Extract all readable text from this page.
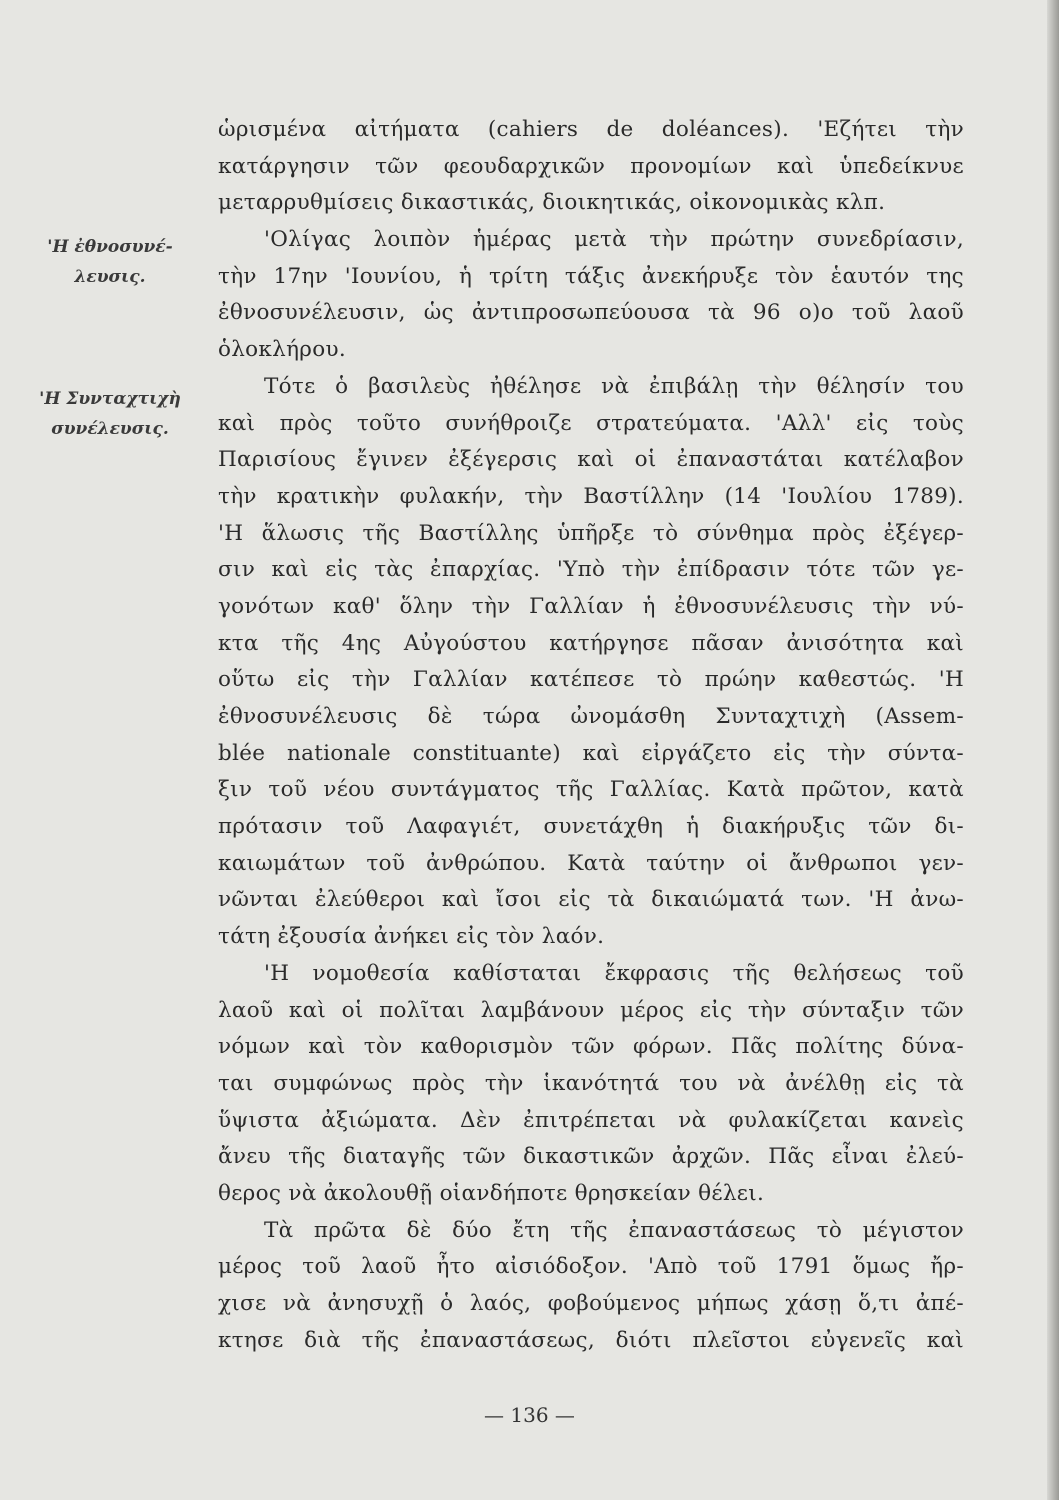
'Η ἐθνοσυνέ-
λευσις.
'Η Συνταχτιχὴ
συνέλευσις.
ὡρισμένα αἰτήματα (cahiers de doléances). 'Εζήτει τὴν
κατάργησιν τῶν φεουδαρχικῶν προνομίων καὶ ὑπεδείκνυε
μεταρρυθμίσεις δικαστικάς, διοικητικάς, οἰκονομικὰς κλπ.
'Ολίγας λοιπὸν ἡμέρας μετὰ τὴν πρώτην συνεδρίασιν,
τὴν 17ην 'Ιουνίου, ἡ τρίτη τάξις ἀνεκήρυξε τὸν ἑαυτόν της
ἐθνοσυνέλευσιν, ὡς ἀντιπροσωπεύουσα τὰ 96 ο)ο τοῦ λαοῦ
ὁλοκλήρου.
Τότε ὁ βασιλεὺς ἠθέλησε νὰ ἐπιβάλῃ τὴν θέλησίν του
καὶ πρὸς τοῦτο συνήθροιζε στρατεύματα. 'Αλλ' εἰς τοὺς
Παρισίους ἔγινεν ἐξέγερσις καὶ οἱ ἐπαναστάται κατέλαβον
τὴν κρατικὴν φυλακήν, τὴν Βαστίλλην (14 'Ιουλίου 1789).
'Η ἅλωσις τῆς Βαστίλλης ὑπῆρξε τὸ σύνθημα πρὸς ἐξέγερ-
σιν καὶ εἰς τὰς ἐπαρχίας. 'Υπὸ τὴν ἐπίδρασιν τότε τῶν γε-
γονότων καθ' ὅλην τὴν Γαλλίαν ἡ ἐθνοσυνέλευσις τὴν νύ-
κτα τῆς 4ης Αὐγούστου κατήργησε πᾶσαν ἀνισότητα καὶ
οὕτω εἰς τὴν Γαλλίαν κατέπεσε τὸ πρώην καθεστώς. 'Η
ἐθνοσυνέλευσις δὲ τώρα ὠνομάσθη Συνταχτιχὴ (Assem-
blée nationale constituante) καὶ εἰργάζετο εἰς τὴν σύντα-
ξιν τοῦ νέου συντάγματος τῆς Γαλλίας. Κατὰ πρῶτον, κατὰ
πρότασιν τοῦ Λαφαγιέτ, συνετάχθη ἡ διακήρυξις τῶν δι-
καιωμάτων τοῦ ἀνθρώπου. Κατὰ ταύτην οἱ ἄνθρωποι γεν-
νῶνται ἐλεύθεροι καὶ ἴσοι εἰς τὰ δικαιώματά των. 'Η ἀνω-
τάτη ἐξουσία ἀνήκει εἰς τὸν λαόν.
'Η νομοθεσία καθίσταται ἔκφρασις τῆς θελήσεως τοῦ
λαοῦ καὶ οἱ πολῖται λαμβάνουν μέρος εἰς τὴν σύνταξιν τῶν
νόμων καὶ τὸν καθορισμὸν τῶν φόρων. Πᾶς πολίτης δύνα-
ται συμφώνως πρὸς τὴν ἱκανότητά του νὰ ἀνέλθῃ εἰς τὰ
ὕψιστα ἀξιώματα. Δὲν ἐπιτρέπεται νὰ φυλακίζεται κανεὶς
ἄνευ τῆς διαταγῆς τῶν δικαστικῶν ἀρχῶν. Πᾶς εἶναι ἐλεύ-
θερος νὰ ἀκολουθῇ οἱανδήποτε θρησκείαν θέλει.
Τὰ πρῶτα δὲ δύο ἔτη τῆς ἐπαναστάσεως τὸ μέγιστον
μέρος τοῦ λαοῦ ἦτο αἰσιόδοξον. 'Απὸ τοῦ 1791 ὅμως ἤρ-
χισε νὰ ἀνησυχῇ ὁ λαός, φοβούμενος μήπως χάσῃ ὅ,τι ἀπέ-
κτησε διὰ τῆς ἐπαναστάσεως, διότι πλεῖστοι εὐγενεῖς καὶ
— 136 —
